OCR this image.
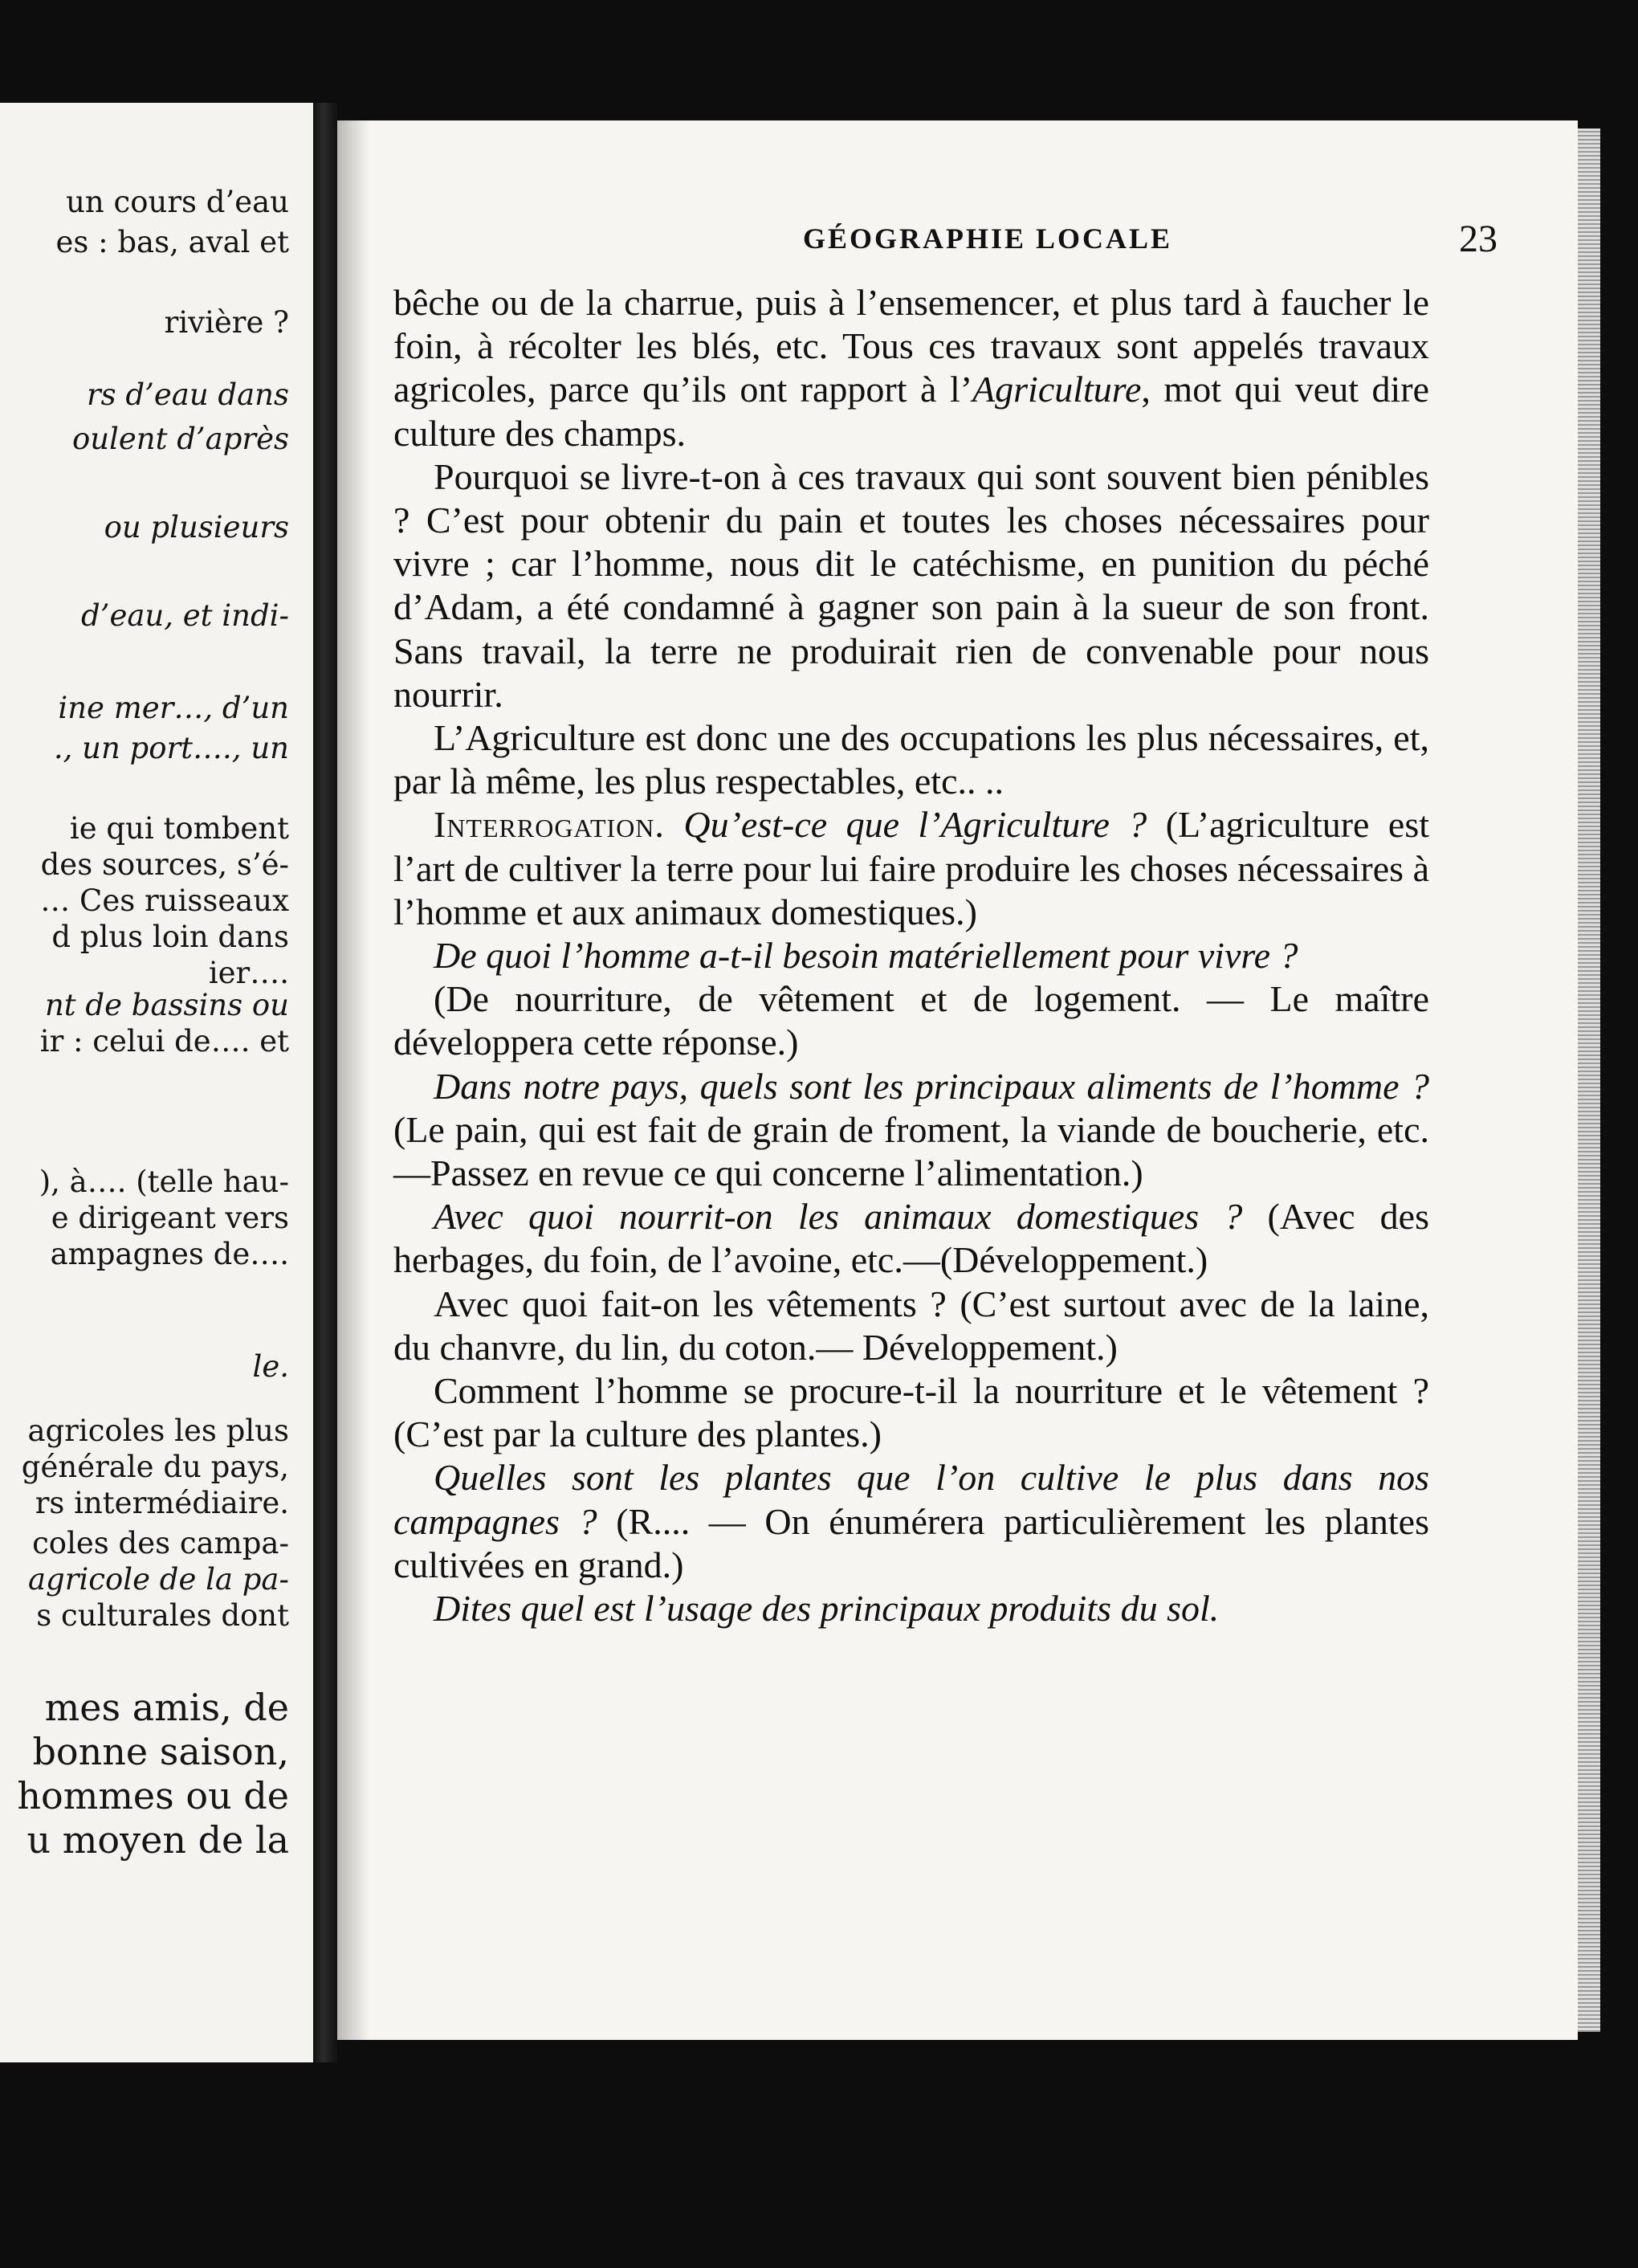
un cours d’eau
es : bas, aval et
rivière ?
rs d’eau dans
oulent d’après
ou plusieurs
d’eau, et indi-
ine mer…, d’un
., un port…., un
ie qui tombent
des sources, s’é-
… Ces ruisseaux
d plus loin dans
ier….
nt de bassins ou
ir : celui de…. et
), à…. (telle hau-
e dirigeant vers
ampagnes de….
le.
agricoles les plus
générale du pays,
rs intermédiaire.
coles des campa-
agricole de la pa-
s culturales dont
mes amis, de
bonne saison,
hommes ou de
u moyen de la
GÉOGRAPHIE LOCALE	23

bêche ou de la charrue, puis à l’ensemencer, et plus tard à faucher le foin, à récolter les blés, etc. Tous ces travaux sont appelés travaux agricoles, parce qu’ils ont rapport à l’Agriculture, mot qui veut dire culture des champs.

Pourquoi se livre-t-on à ces travaux qui sont souvent bien pénibles ? C’est pour obtenir du pain et toutes les choses nécessaires pour vivre ; car l’homme, nous dit le catéchisme, en punition du péché d’Adam, a été condamné à gagner son pain à la sueur de son front. Sans travail, la terre ne produirait rien de convenable pour nous nourrir.

L’Agriculture est donc une des occupations les plus nécessaires, et, par là même, les plus respectables, etc.. ..

Interrogation. Qu’est-ce que l’Agriculture ? (L’agriculture est l’art de cultiver la terre pour lui faire produire les choses nécessaires à l’homme et aux animaux domestiques.)

De quoi l’homme a-t-il besoin matériellement pour vivre ?

(De nourriture, de vêtement et de logement. — Le maître développera cette réponse.)

Dans notre pays, quels sont les principaux aliments de l’homme ? (Le pain, qui est fait de grain de froment, la viande de boucherie, etc.—Passez en revue ce qui concerne l’alimentation.)

Avec quoi nourrit-on les animaux domestiques ? (Avec des herbages, du foin, de l’avoine, etc.—(Développement.)

Avec quoi fait-on les vêtements ? (C’est surtout avec de la laine, du chanvre, du lin, du coton.— Développement.)

Comment l’homme se procure-t-il la nourriture et le vêtement ? (C’est par la culture des plantes.)

Quelles sont les plantes que l’on cultive le plus dans nos campagnes ? (R.... — On énumérera particulièrement les plantes cultivées en grand.)

Dites quel est l’usage des principaux produits du sol.
